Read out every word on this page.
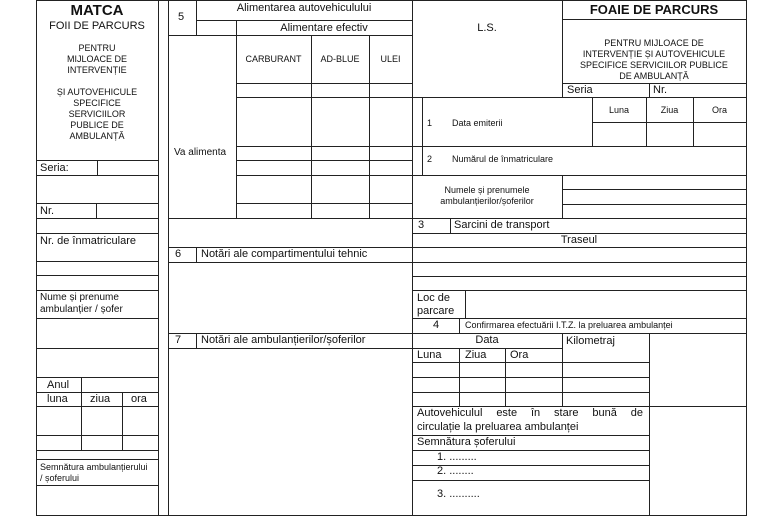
MATCA
FOII DE PARCURS
PENTRU
MIJLOACE DE
INTERVENȚIE
ȘI AUTOVEHICULE
SPECIFICE
SERVICIILOR
PUBLICE DE
AMBULANȚĂ
Seria:
Nr.
Nr. de înmatriculare
Nume și prenume
ambulanțier / șofer
Anul
luna ziua ora
Semnătura ambulanțierului
/ șoferului
5
Alimentarea autovehiculului
Alimentare efectiv
CARBURANT	AD-BLUE	ULEI
Va alimenta
6 Notări ale compartimentului tehnic
7 Notări ale ambulanțierilor/șoferilor
L.S.
FOAIE DE PARCURS
PENTRU MIJLOACE DE
INTERVENȚIE ȘI AUTOVEHICULE
SPECIFICE SERVICIILOR PUBLICE
DE AMBULANȚĂ
Seria	Nr.
1 Data emiterii
Luna	Ziua	Ora
2 Numărul de înmatriculare
Numele și prenumele
ambulanțierilor/șoferilor
3	Sarcini de transport
Traseul
Loc de
parcare
4	Confirmarea efectuării I.T.Z. la preluarea ambulanței
Data	Kilometraj
Luna Ziua Ora
Autovehiculul este în stare bună de
circulație la preluarea ambulanței
Semnătura șoferului
1. .........
2. ........
3. ..........
